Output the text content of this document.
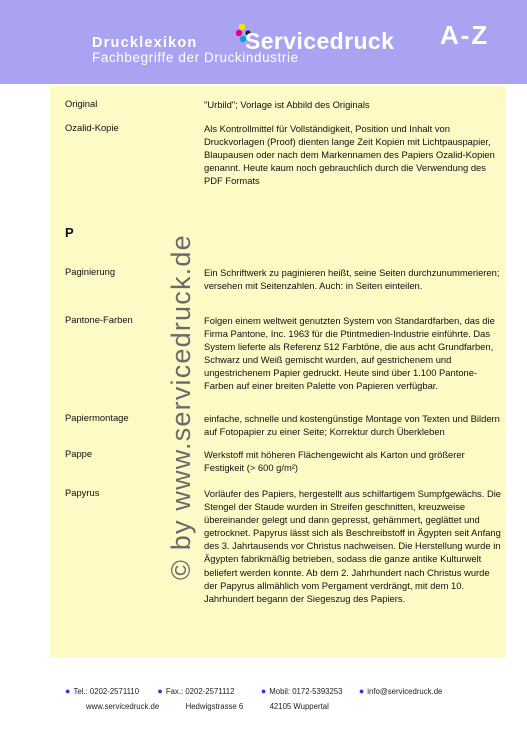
Drucklexikon
Fachbegriffe der Druckindustrie
Servicedruck A-Z
Original	"Urbild"; Vorlage ist Abbild des Originals
Ozalid-Kopie	Als Kontrollmittel für Vollständigkeit, Position und Inhalt von Druckvorlagen (Proof) dienten lange Zeit Kopien mit Lichtpauspapier, Blaupausen oder nach dem Markennamen des Papiers Ozalid-Kopien genannt. Heute kaum noch gebrauchlich durch die Verwendung des PDF Formats
P
Paginierung	Ein Schriftwerk zu paginieren heißt, seine Seiten durchzunummerieren; versehen mit Seitenzahlen. Auch: in Seiten einteilen.
Pantone-Farben	Folgen einem weltweit genutzten System von Standardfarben, das die Firma Pantone, Inc. 1963 für die Ptintmedien-Industrie einführte. Das System lieferte als Referenz 512 Farbtöne, die aus acht Grundfarben, Schwarz und Weiß gemischt wurden, auf gestrichenem und ungestrichenem Papier gedruckt. Heute sind über 1.100 Pantone-Farben auf einer breiten Palette von Papieren verfügbar.
Papiermontage	einfache, schnelle und kostengünstige Montage von Texten und Bildern auf Fotopapier zu einer Seite; Korrektur durch Überkleben
Pappe	Werkstoff mit höheren Flächengewicht als Karton und größerer Festigkeit (> 600 g/m²)
Papyrus	Vorläufer des Papiers, hergestellt aus schilfartigem Sumpfgewächs. Die Stengel der Staude wurden in Streifen geschnitten, kreuzweise übereinander gelegt und dann gepresst, gehämmert, geglättet und getrocknet. Papyrus lässt sich als Beschreibstoff in Ägypten seit Anfang des 3. Jahrtausends vor Christus nachweisen. Die Herstellung wurde in Ägypten fabrikmäßig betrieben, sodass die ganze antike Kulturwelt beliefert werden konnte. Ab dem 2. Jahrhundert nach Christus wurde der Papyrus allmählich vom Pergament verdrängt, mit dem 10. Jahrhundert begann der Siegeszug des Papiers.
© by www.servicedruck.de
● Tel.: 0202-2571110 ● Fax.: 0202-2571112	● Mobil: 0172-5393253 ● info@servicedruck.de
www.servicedruck.de	Hedwigstrasse 6	42105 Wuppertal
